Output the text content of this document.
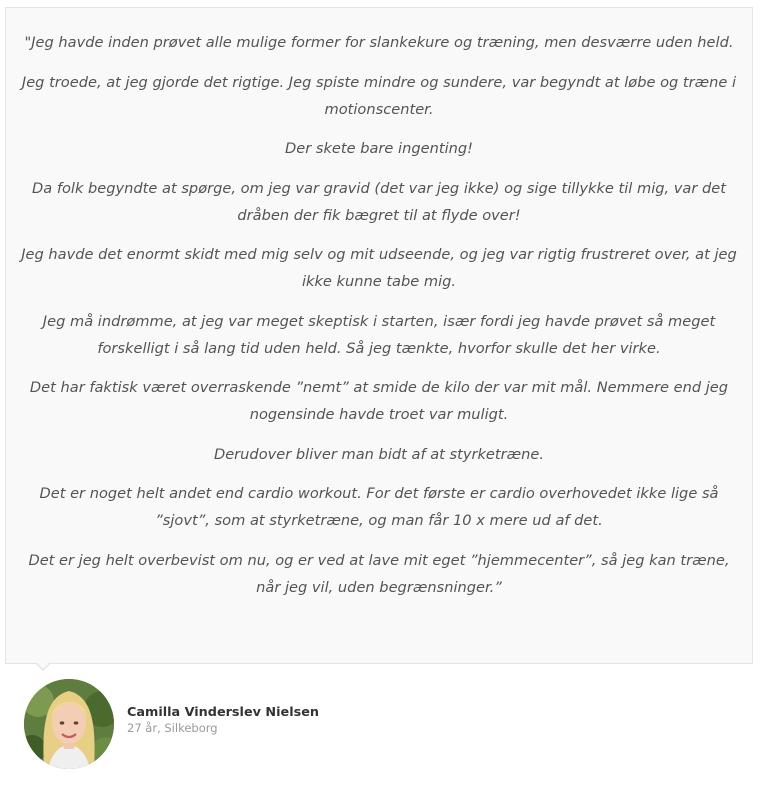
"Jeg havde inden prøvet alle mulige former for slankekure og træning, men desværre uden held.

Jeg troede, at jeg gjorde det rigtige. Jeg spiste mindre og sundere, var begyndt at løbe og træne i motionscenter.

Der skete bare ingenting!

Da folk begyndte at spørge, om jeg var gravid (det var jeg ikke) og sige tillykke til mig, var det dråben der fik bægret til at flyde over!

Jeg havde det enormt skidt med mig selv og mit udseende, og jeg var rigtig frustreret over, at jeg ikke kunne tabe mig.

Jeg må indrømme, at jeg var meget skeptisk i starten, især fordi jeg havde prøvet så meget forskelligt i så lang tid uden held. Så jeg tænkte, hvorfor skulle det her virke.

Det har faktisk været overraskende ”nemt” at smide de kilo der var mit mål. Nemmere end jeg nogensinde havde troet var muligt.

Derudover bliver man bidt af at styrketræne.

Det er noget helt andet end cardio workout. For det første er cardio overhovedet ikke lige så ”sjovt”, som at styrketræne, og man får 10 x mere ud af det.

Det er jeg helt overbevist om nu, og er ved at lave mit eget ”hjemmecenter”, så jeg kan træne, når jeg vil, uden begrænsninger.”

Camilla Vinderslev Nielsen
27 år, Silkeborg
